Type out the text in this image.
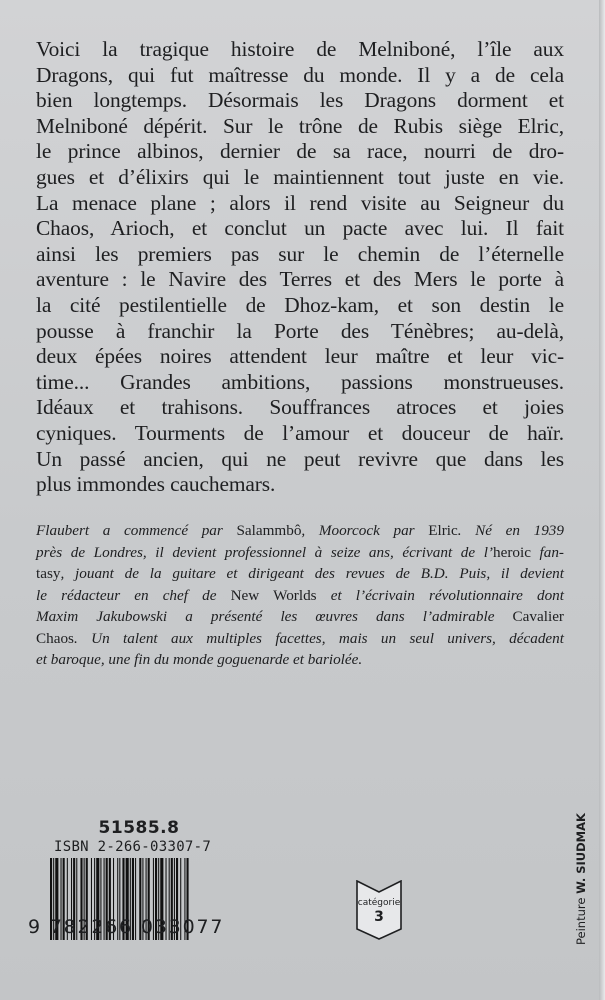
Voici la tragique histoire de Melniboné, l’île aux
Dragons, qui fut maîtresse du monde. Il y a de cela
bien longtemps. Désormais les Dragons dorment et
Melniboné dépérit. Sur le trône de Rubis siège Elric,
le prince albinos, dernier de sa race, nourri de dro-
gues et d’élixirs qui le maintiennent tout juste en vie.
La menace plane ; alors il rend visite au Seigneur du
Chaos, Arioch, et conclut un pacte avec lui. Il fait
ainsi les premiers pas sur le chemin de l’éternelle
aventure : le Navire des Terres et des Mers le porte à
la cité pestilentielle de Dhoz-kam, et son destin le
pousse à franchir la Porte des Ténèbres; au-delà,
deux épées noires attendent leur maître et leur vic-
time... Grandes ambitions, passions monstrueuses.
Idéaux et trahisons. Souffrances atroces et joies
cyniques. Tourments de l’amour et douceur de haïr.
Un passé ancien, qui ne peut revivre que dans les
plus immondes cauchemars.
Flaubert a commencé par Salammbô, Moorcock par Elric. Né en 1939
près de Londres, il devient professionnel à seize ans, écrivant de l’heroic fan-
tasy, jouant de la guitare et dirigeant des revues de B.D. Puis, il devient
le rédacteur en chef de New Worlds et l’écrivain révolutionnaire dont
Maxim Jakubowski a présenté les œuvres dans l’admirable Cavalier
Chaos. Un talent aux multiples facettes, mais un seul univers, décadent
et baroque, une fin du monde goguenarde et bariolée.
51585.8
ISBN 2-266-03307-7
9 782266 033077
catégorie
3	Peinture W. SIUDMAK
